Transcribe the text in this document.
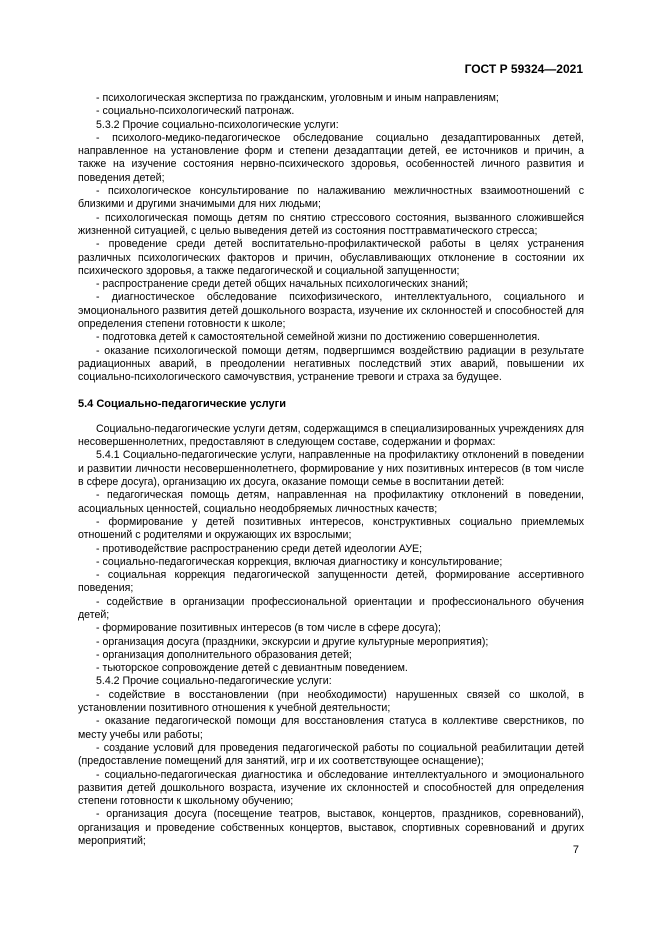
ГОСТ Р 59324—2021

- психологическая экспертиза по гражданским, уголовным и иным направлениям;

- социально-психологический патронаж.

5.3.2 Прочие социально-психологические услуги:

- психолого-медико-педагогическое обследование социально дезадаптированных детей, направленное на установление форм и степени дезадаптации детей, ее источников и причин, а также на изучение состояния нервно-психического здоровья, особенностей личного развития и поведения детей;

- психологическое консультирование по налаживанию межличностных взаимоотношений с близкими и другими значимыми для них людьми;

- психологическая помощь детям по снятию стрессового состояния, вызванного сложившейся жизненной ситуацией, с целью выведения детей из состояния посттравматического стресса;

- проведение среди детей воспитательно-профилактической работы в целях устранения различных психологических факторов и причин, обуславливающих отклонение в состоянии их психического здоровья, а также педагогической и социальной запущенности;

- распространение среди детей общих начальных психологических знаний;

- диагностическое обследование психофизического, интеллектуального, социального и эмоционального развития детей дошкольного возраста, изучение их склонностей и способностей для определения степени готовности к школе;

- подготовка детей к самостоятельной семейной жизни по достижению совершеннолетия.

- оказание психологической помощи детям, подвергшимся воздействию радиации в результате радиационных аварий, в преодолении негативных последствий этих аварий, повышении их социально-психологического самочувствия, устранение тревоги и страха за будущее.

5.4 Социально-педагогические услуги

Социально-педагогические услуги детям, содержащимся в специализированных учреждениях для несовершеннолетних, предоставляют в следующем составе, содержании и формах:

5.4.1 Социально-педагогические услуги, направленные на профилактику отклонений в поведении и развитии личности несовершеннолетнего, формирование у них позитивных интересов (в том числе в сфере досуга), организацию их досуга, оказание помощи семье в воспитании детей:

- педагогическая помощь детям, направленная на профилактику отклонений в поведении, асоциальных ценностей, социально неодобряемых личностных качеств;

- формирование у детей позитивных интересов, конструктивных социально приемлемых отношений с родителями и окружающих их взрослыми;

- противодействие распространению среди детей идеологии АУЕ;

- социально-педагогическая коррекция, включая диагностику и консультирование;

- социальная коррекция педагогической запущенности детей, формирование ассертивного поведения;

- содействие в организации профессиональной ориентации и профессионального обучения детей;

- формирование позитивных интересов (в том числе в сфере досуга);

- организация досуга (праздники, экскурсии и другие культурные мероприятия);

- организация дополнительного образования детей;

- тьюторское сопровождение детей с девиантным поведением.

5.4.2 Прочие социально-педагогические услуги:

- содействие в восстановлении (при необходимости) нарушенных связей со школой, в установлении позитивного отношения к учебной деятельности;

- оказание педагогической помощи для восстановления статуса в коллективе сверстников, по месту учебы или работы;

- создание условий для проведения педагогической работы по социальной реабилитации детей (предоставление помещений для занятий, игр и их соответствующее оснащение);

- социально-педагогическая диагностика и обследование интеллектуального и эмоционального развития детей дошкольного возраста, изучение их склонностей и способностей для определения степени готовности к школьному обучению;

- организация досуга (посещение театров, выставок, концертов, праздников, соревнований), организация и проведение собственных концертов, выставок, спортивных соревнований и других мероприятий;

7
